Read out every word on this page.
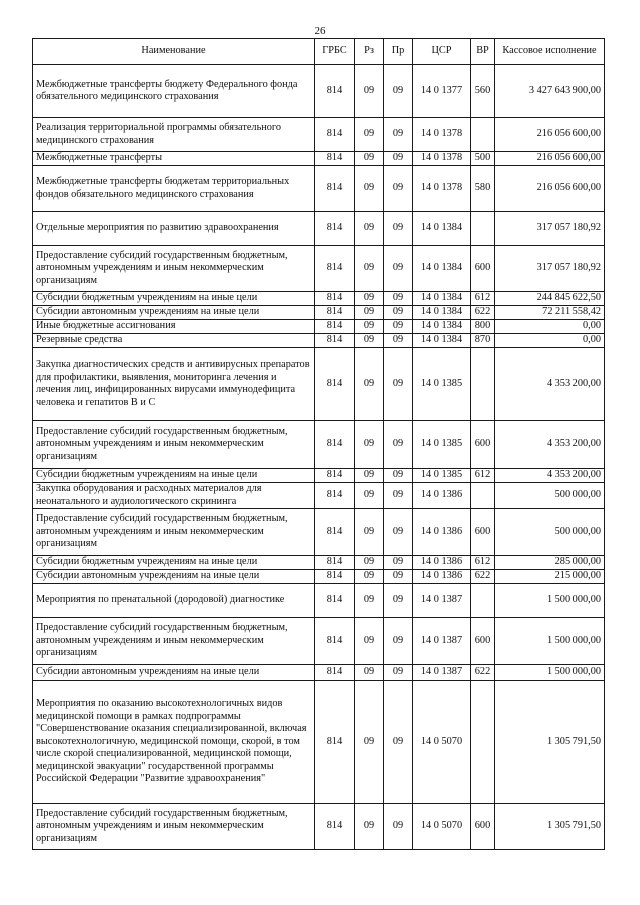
26
Наименование	ГРБС	Рз	Пр	ЦСР	ВР	Кассовое исполнение
Межбюджетные трансферты бюджету Федерального фонда обязательного медицинского страхования	814	09	09	14 0 1377	560	3 427 643 900,00
Реализация территориальной программы обязательного медицинского страхования	814	09	09	14 0 1378		216 056 600,00
Межбюджетные трансферты	814	09	09	14 0 1378	500	216 056 600,00
Межбюджетные трансферты бюджетам территориальных фондов обязательного медицинского страхования	814	09	09	14 0 1378	580	216 056 600,00
Отдельные мероприятия по развитию здравоохранения	814	09	09	14 0 1384		317 057 180,92
Предоставление субсидий государственным бюджетным, автономным учреждениям и иным некоммерческим организациям	814	09	09	14 0 1384	600	317 057 180,92
Субсидии бюджетным учреждениям на иные цели	814	09	09	14 0 1384	612	244 845 622,50
Субсидии автономным учреждениям на иные цели	814	09	09	14 0 1384	622	72 211 558,42
Иные бюджетные ассигнования	814	09	09	14 0 1384	800	0,00
Резервные средства	814	09	09	14 0 1384	870	0,00
Закупка диагностических средств и антивирусных препаратов для профилактики, выявления, мониторинга лечения и лечения лиц, инфицированных вирусами иммунодефицита человека и гепатитов В и С	814	09	09	14 0 1385		4 353 200,00
Предоставление субсидий государственным бюджетным, автономным учреждениям и иным некоммерческим организациям	814	09	09	14 0 1385	600	4 353 200,00
Субсидии бюджетным учреждениям на иные цели	814	09	09	14 0 1385	612	4 353 200,00
Закупка оборудования и расходных материалов для неонатального и аудиологического скрининга	814	09	09	14 0 1386		500 000,00
Предоставление субсидий государственным бюджетным, автономным учреждениям и иным некоммерческим организациям	814	09	09	14 0 1386	600	500 000,00
Субсидии бюджетным учреждениям на иные цели	814	09	09	14 0 1386	612	285 000,00
Субсидии автономным учреждениям на иные цели	814	09	09	14 0 1386	622	215 000,00
Мероприятия по пренатальной (дородовой) диагностике	814	09	09	14 0 1387		1 500 000,00
Предоставление субсидий государственным бюджетным, автономным учреждениям и иным некоммерческим организациям	814	09	09	14 0 1387	600	1 500 000,00
Субсидии автономным учреждениям на иные цели	814	09	09	14 0 1387	622	1 500 000,00
Мероприятия по оказанию высокотехнологичных видов медицинской помощи в рамках подпрограммы "Совершенствование оказания специализированной, включая высокотехнологичную, медицинской помощи, скорой, в том числе скорой специализированной, медицинской помощи, медицинской эвакуации" государственной программы Российской Федерации "Развитие здравоохранения"	814	09	09	14 0 5070		1 305 791,50
Предоставление субсидий государственным бюджетным, автономным учреждениям и иным некоммерческим организациям	814	09	09	14 0 5070	600	1 305 791,50
